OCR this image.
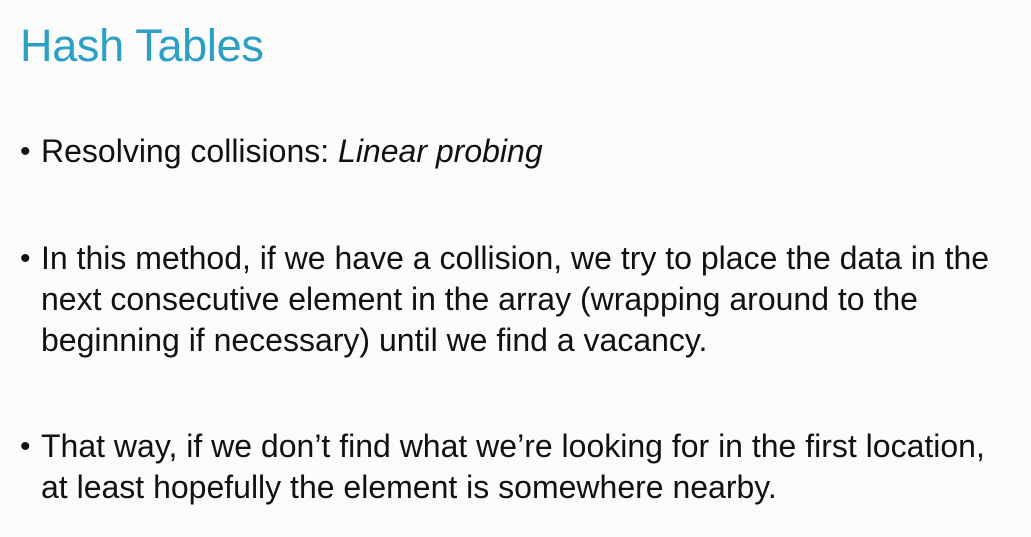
Hash Tables
• Resolving collisions: Linear probing
• In this method, if we have a collision, we try to place the data in the next consecutive element in the array (wrapping around to the beginning if necessary) until we find a vacancy.
• That way, if we don’t find what we’re looking for in the first location, at least hopefully the element is somewhere nearby.
